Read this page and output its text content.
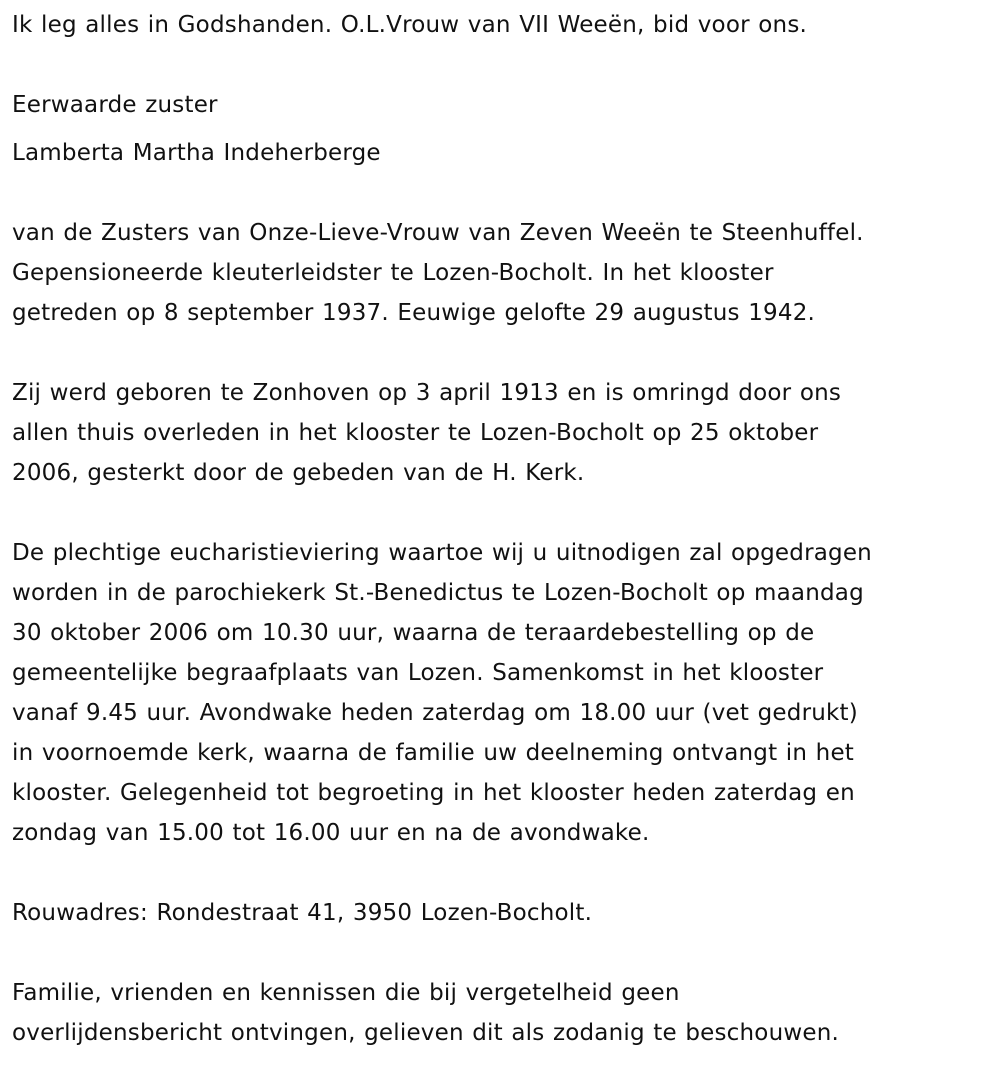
Ik leg alles in Godshanden. O.L.Vrouw van VII Weeën, bid voor ons.
Eerwaarde zuster
Lamberta Martha Indeherberge
van de Zusters van Onze-Lieve-Vrouw van Zeven Weeën te Steenhuffel.
Gepensioneerde kleuterleidster te Lozen-Bocholt. In het klooster
getreden op 8 september 1937. Eeuwige gelofte 29 augustus 1942.
Zij werd geboren te Zonhoven op 3 april 1913 en is omringd door ons
allen thuis overleden in het klooster te Lozen-Bocholt op 25 oktober
2006, gesterkt door de gebeden van de H. Kerk.
De plechtige eucharistieviering waartoe wij u uitnodigen zal opgedragen
worden in de parochiekerk St.-Benedictus te Lozen-Bocholt op maandag
30 oktober 2006 om 10.30 uur, waarna de teraardebestelling op de
gemeentelijke begraafplaats van Lozen. Samenkomst in het klooster
vanaf 9.45 uur. Avondwake heden zaterdag om 18.00 uur (vet gedrukt)
in voornoemde kerk, waarna de familie uw deelneming ontvangt in het
klooster. Gelegenheid tot begroeting in het klooster heden zaterdag en
zondag van 15.00 tot 16.00 uur en na de avondwake.
Rouwadres: Rondestraat 41, 3950 Lozen-Bocholt.
Familie, vrienden en kennissen die bij vergetelheid geen
overlijdensbericht ontvingen, gelieven dit als zodanig te beschouwen.
